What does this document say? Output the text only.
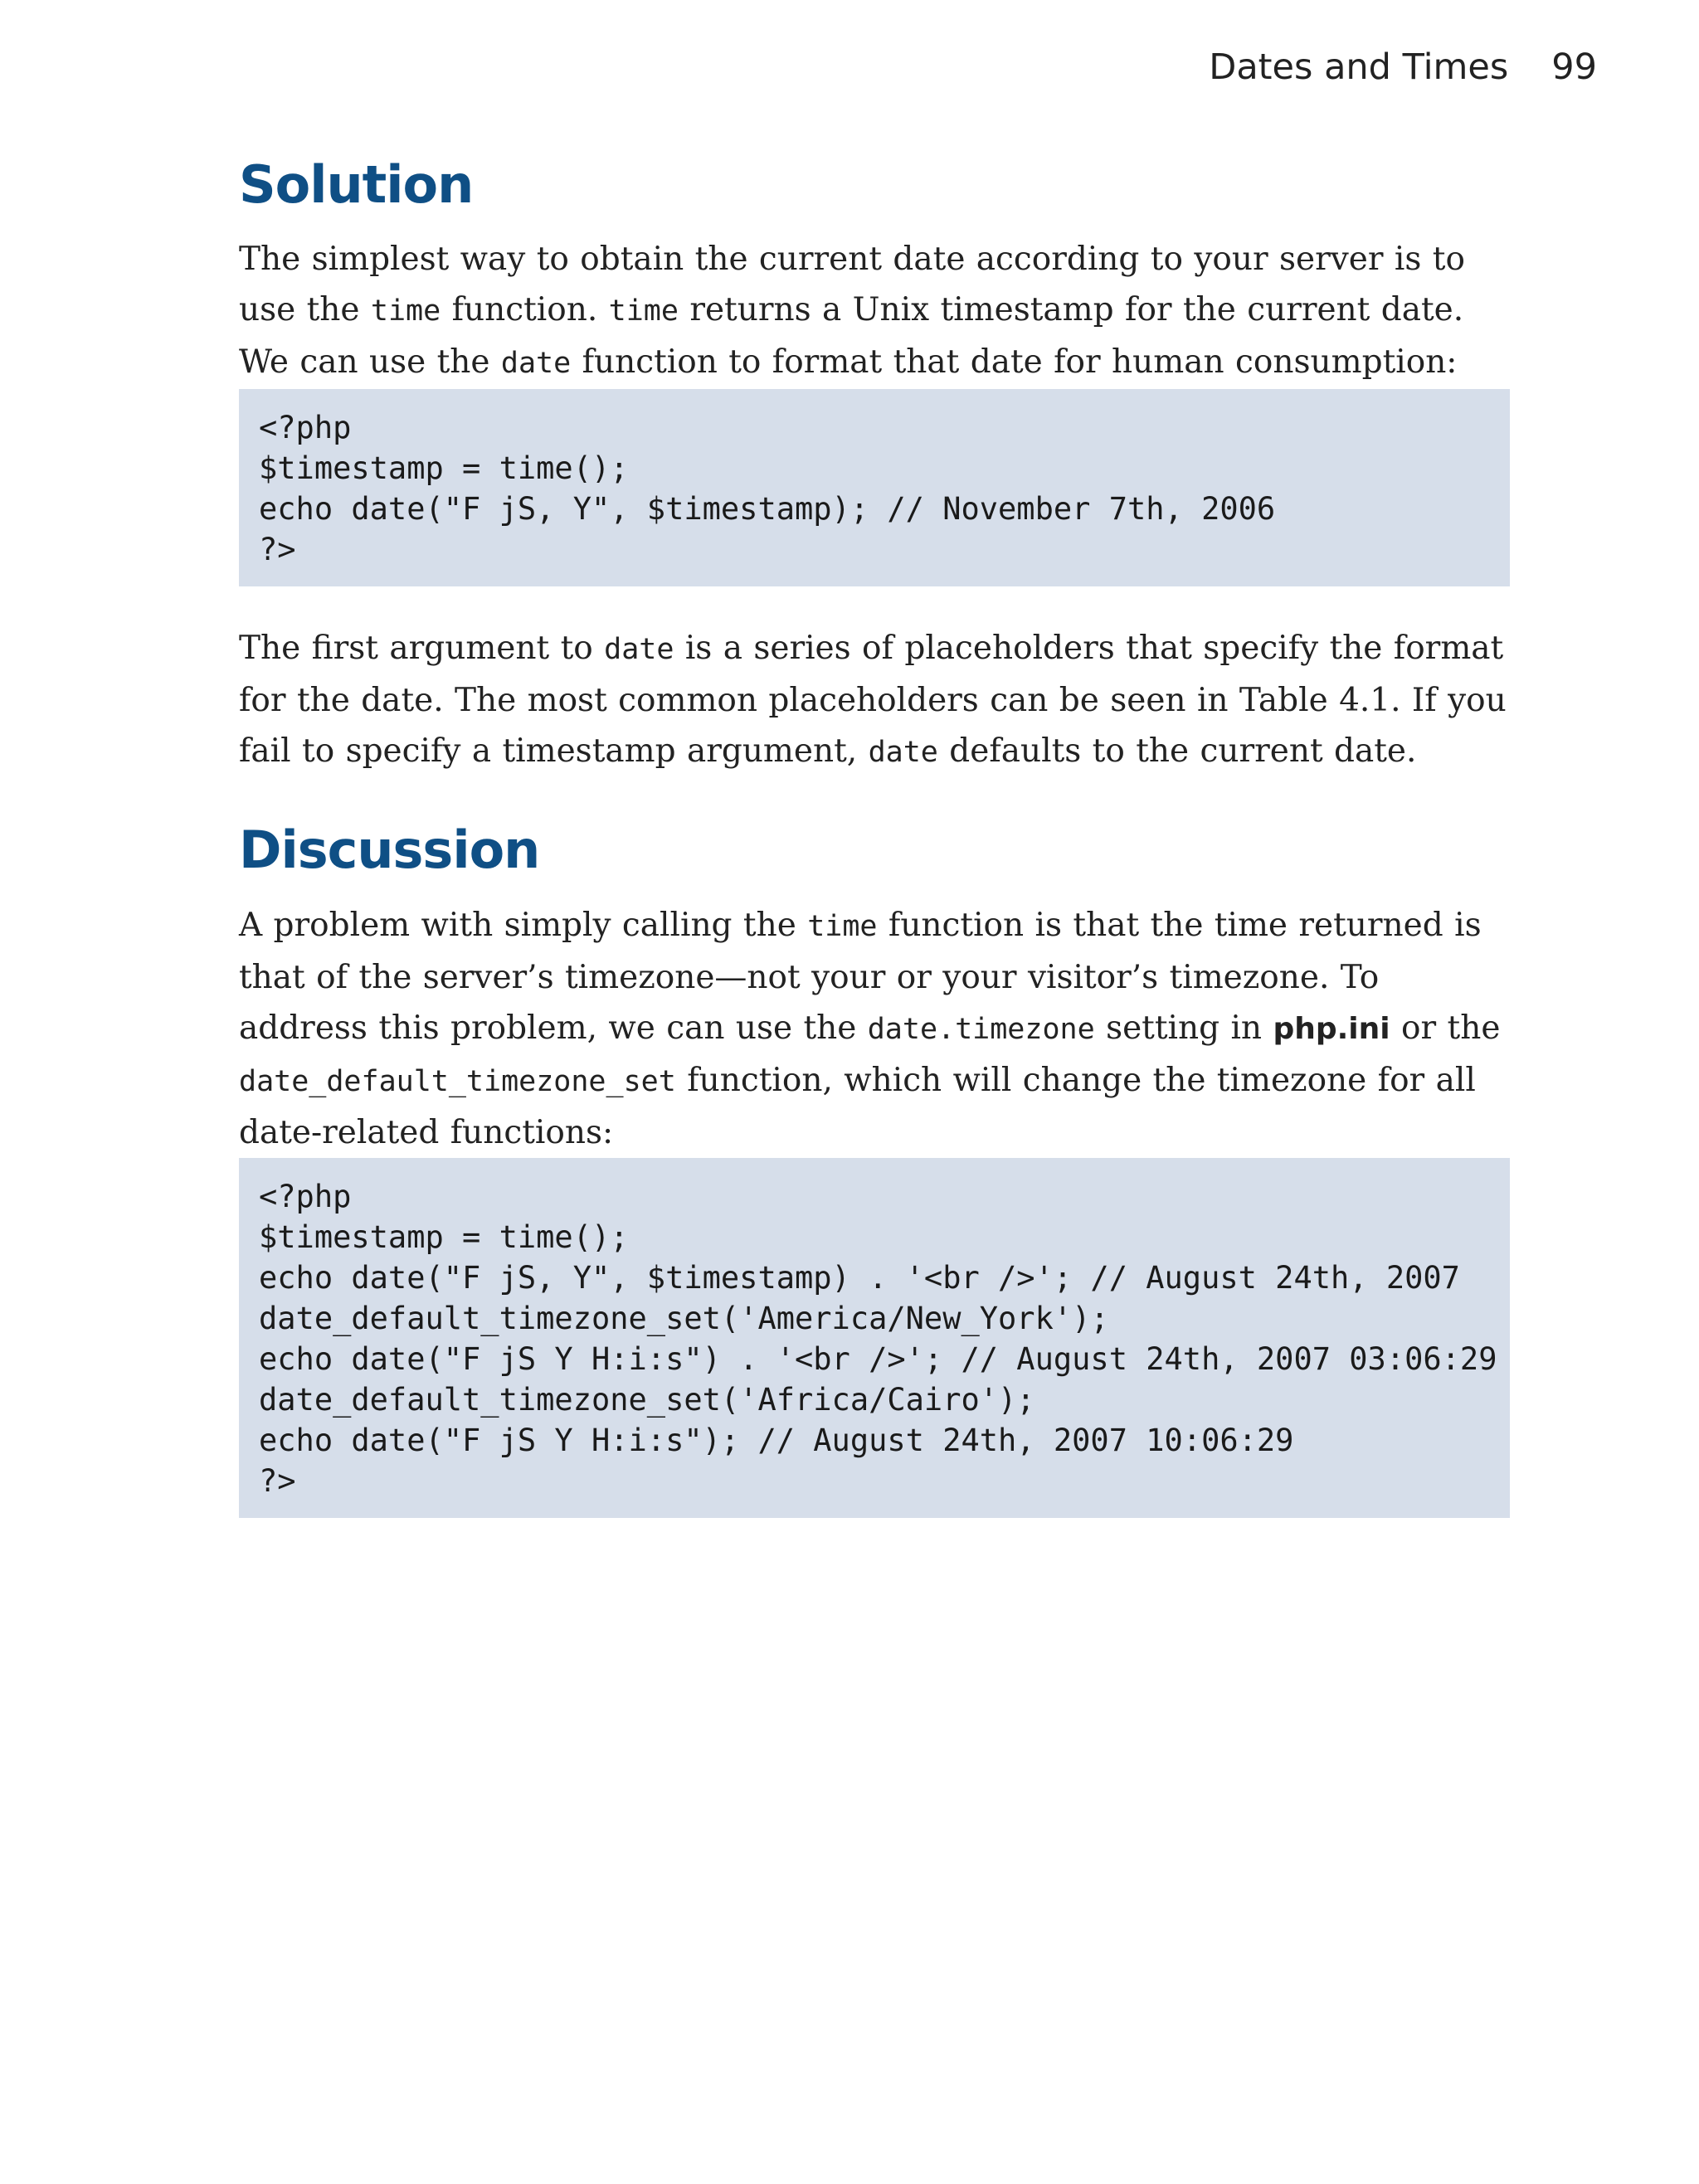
Dates and Times 99
Solution

The simplest way to obtain the current date according to your server is to use the time function. time returns a Unix timestamp for the current date. We can use the date function to format that date for human consumption:

<?php
$timestamp = time();
echo date("F jS, Y", $timestamp); // November 7th, 2006
?>

The first argument to date is a series of placeholders that specify the format for the date. The most common placeholders can be seen in Table 4.1. If you fail to specify a timestamp argument, date defaults to the current date.

Discussion

A problem with simply calling the time function is that the time returned is that of the server’s timezone—not your or your visitor’s timezone. To address this problem, we can use the date.timezone setting in php.ini or the date_default_timezone_set function, which will change the timezone for all date-related functions:

<?php
$timestamp = time();
echo date("F jS, Y", $timestamp) . '<br />'; // August 24th, 2007
date_default_timezone_set('America/New_York');
echo date("F jS Y H:i:s") . '<br />'; // August 24th, 2007 03:06:29
date_default_timezone_set('Africa/Cairo');
echo date("F jS Y H:i:s"); // August 24th, 2007 10:06:29
?>
